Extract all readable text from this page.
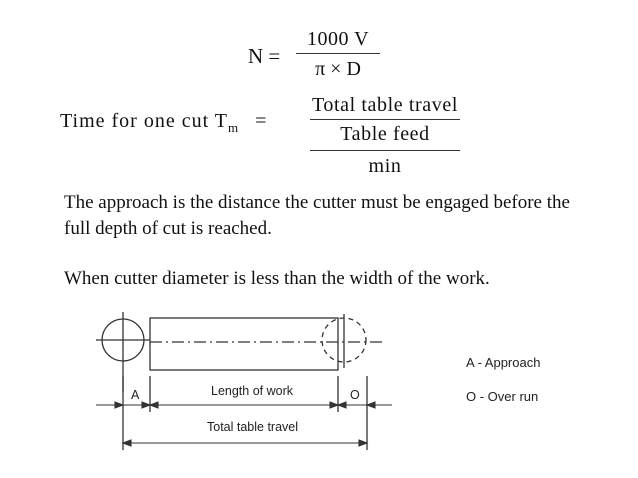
$N = \frac{1000 V}{\pi \times D}$
Time for one cut $T_m$ =
Total table travel
Table feed
min
The approach is the distance the cutter must be engaged before the full depth of cut is reached.
When cutter diameter is less than the width of the work.
A	Length of work	O
Total table travel
A - Approach
O - Over run
